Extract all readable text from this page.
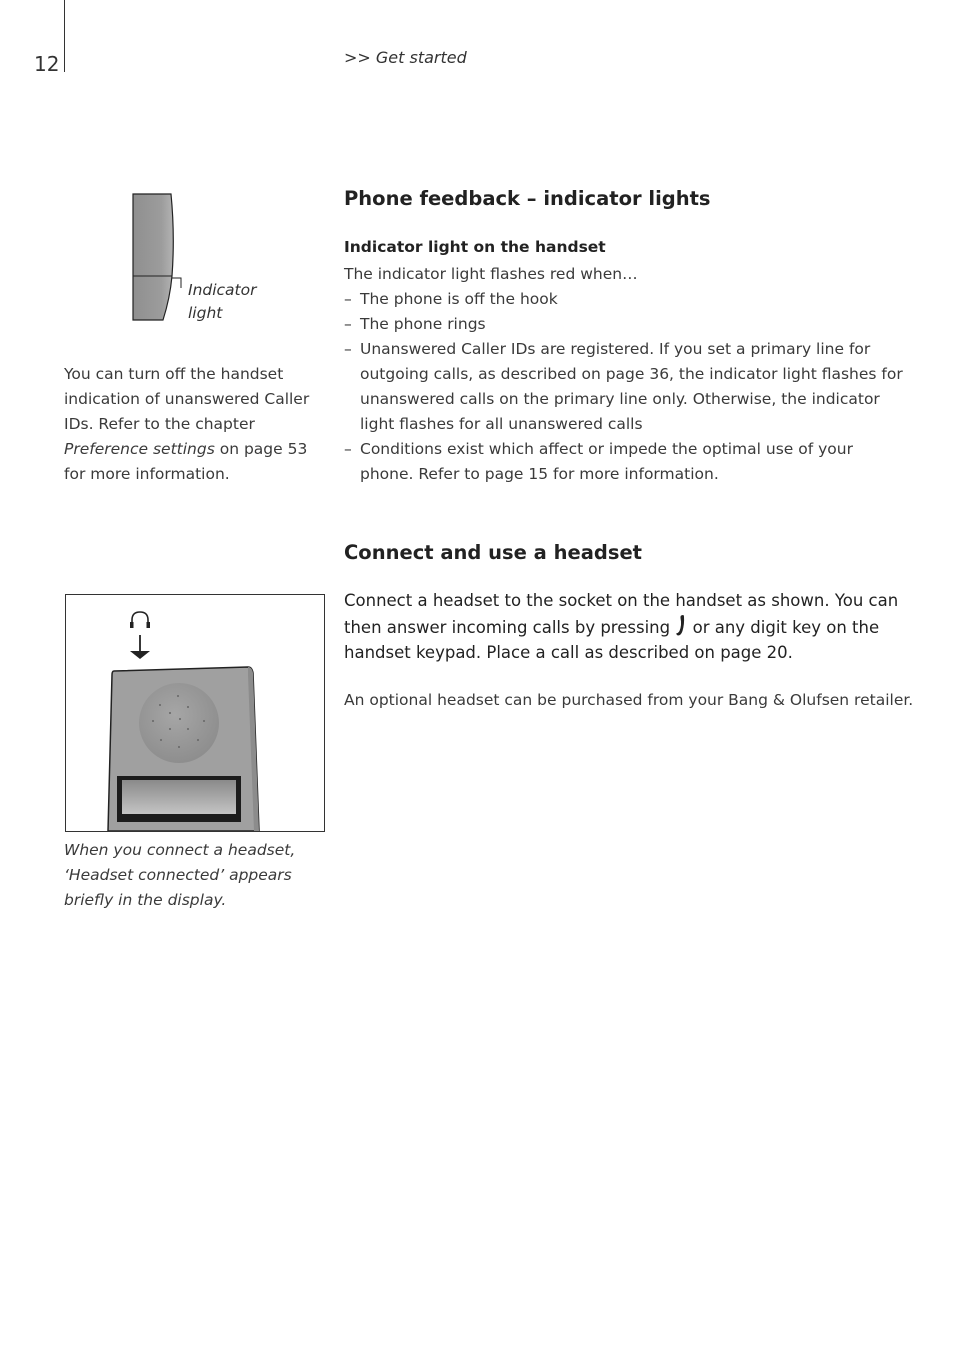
12	>> Get started
Indicator
light
You can turn off the handset indication of unanswered Caller IDs. Refer to the chapter Preference settings on page 53 for more information.
Phone feedback – indicator lights
Indicator light on the handset
The indicator light flashes red when…
– The phone is off the hook
– The phone rings
– Unanswered Caller IDs are registered. If you set a primary line for outgoing calls, as described on page 36, the indicator light flashes for unanswered calls on the primary line only. Otherwise, the indicator light flashes for all unanswered calls
– Conditions exist which affect or impede the optimal use of your phone. Refer to page 15 for more information.
Connect and use a headset
Connect a headset to the socket on the handset as shown. You can then answer incoming calls by pressing or any digit key on the handset keypad. Place a call as described on page 20.
An optional headset can be purchased from your Bang & Olufsen retailer.
When you connect a headset, ‘Headset connected’ appears briefly in the display.
